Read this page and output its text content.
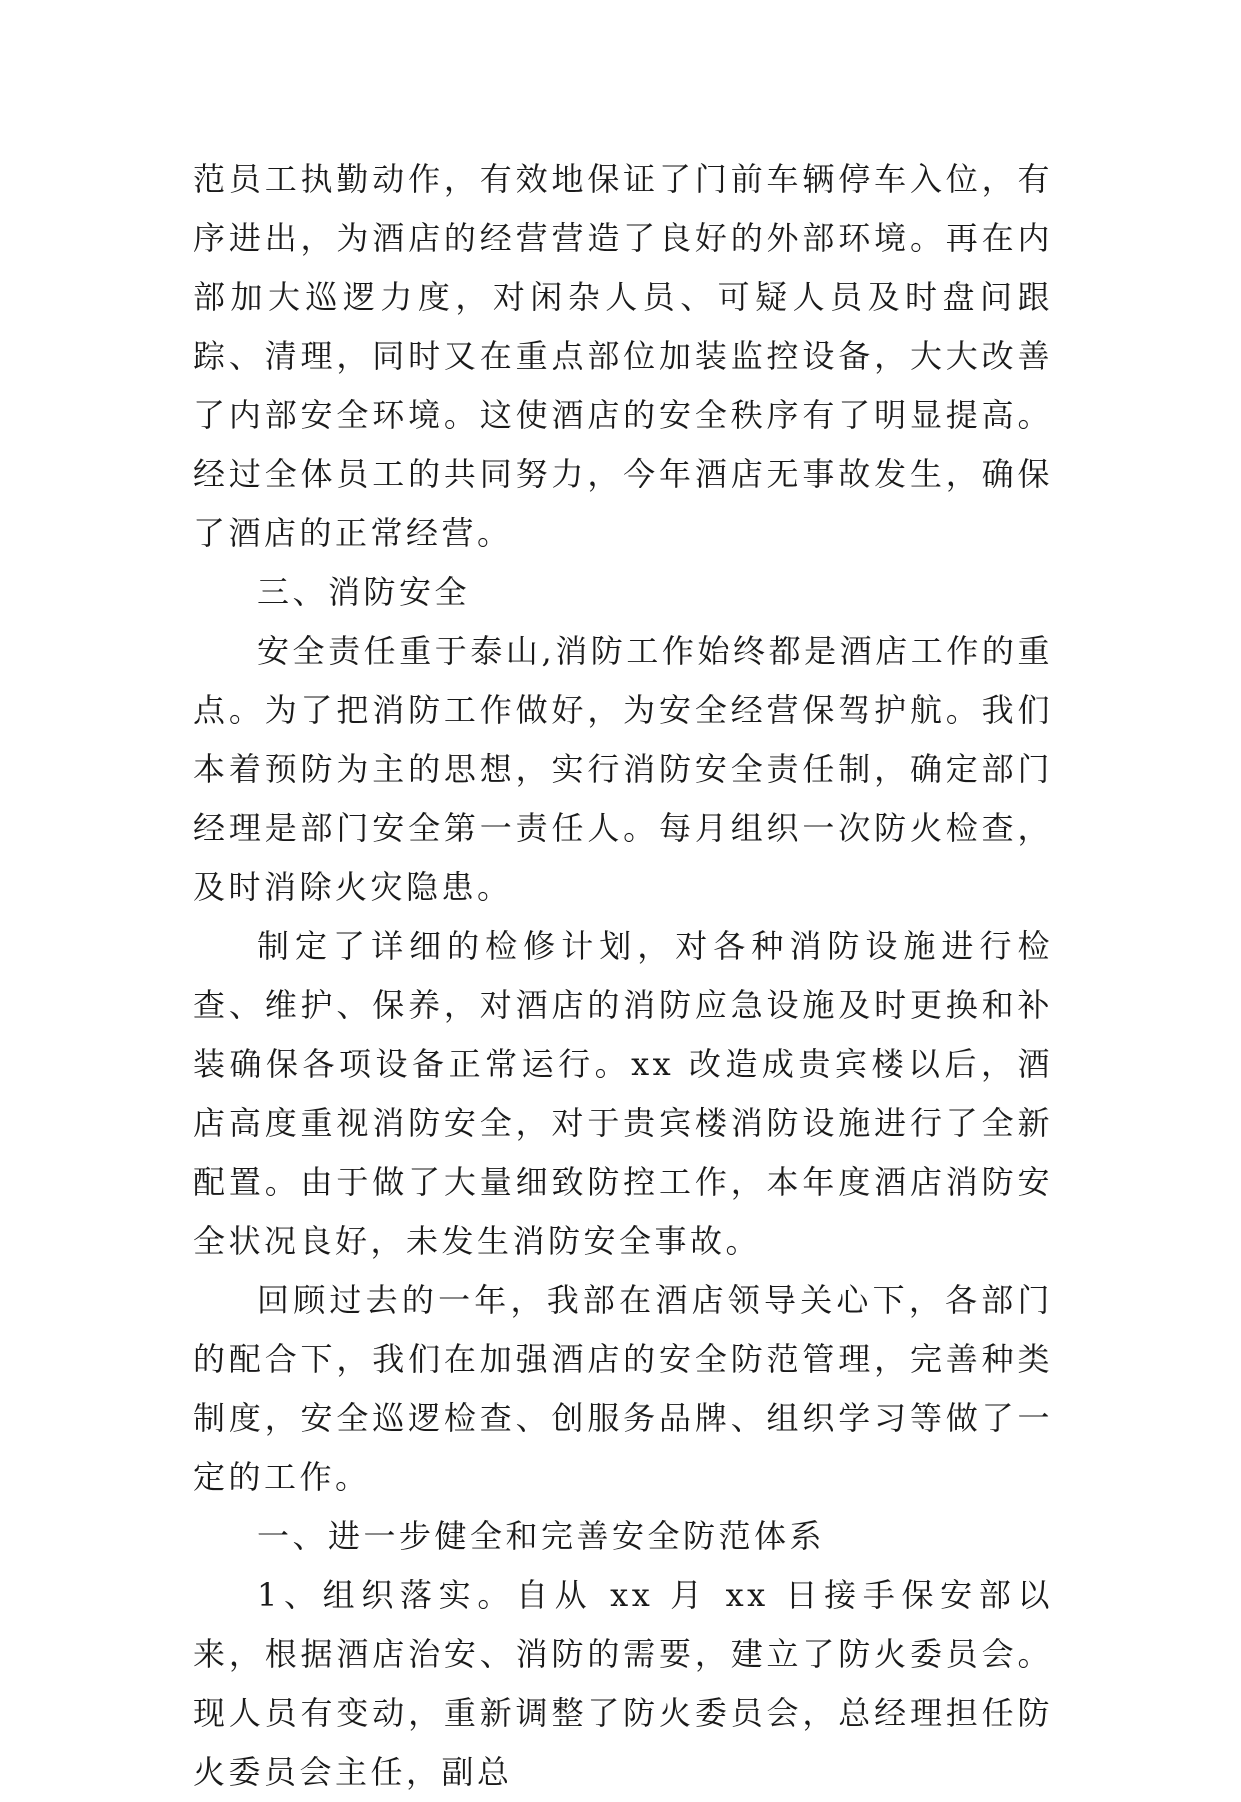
范员工执勤动作，有效地保证了门前车辆停车入位，有序进出，为酒店的经营营造了良好的外部环境。再在内部加大巡逻力度，对闲杂人员、可疑人员及时盘问跟踪、清理，同时又在重点部位加装监控设备，大大改善了内部安全环境。这使酒店的安全秩序有了明显提高。经过全体员工的共同努力，今年酒店无事故发生，确保了酒店的正常经营。

三、消防安全

安全责任重于泰山,消防工作始终都是酒店工作的重点。为了把消防工作做好，为安全经营保驾护航。我们本着预防为主的思想，实行消防安全责任制，确定部门经理是部门安全第一责任人。每月组织一次防火检查，及时消除火灾隐患。

制定了详细的检修计划，对各种消防设施进行检查、维护、保养，对酒店的消防应急设施及时更换和补装确保各项设备正常运行。xx 改造成贵宾楼以后，酒店高度重视消防安全，对于贵宾楼消防设施进行了全新配置。由于做了大量细致防控工作，本年度酒店消防安全状况良好，未发生消防安全事故。

回顾过去的一年，我部在酒店领导关心下，各部门的配合下，我们在加强酒店的安全防范管理，完善种类制度，安全巡逻检查、创服务品牌、组织学习等做了一定的工作。

一、进一步健全和完善安全防范体系

1、组织落实。自从 xx 月 xx 日接手保安部以来，根据酒店治安、消防的需要，建立了防火委员会。现人员有变动，重新调整了防火委员会，总经理担任防火委员会主任，副总
